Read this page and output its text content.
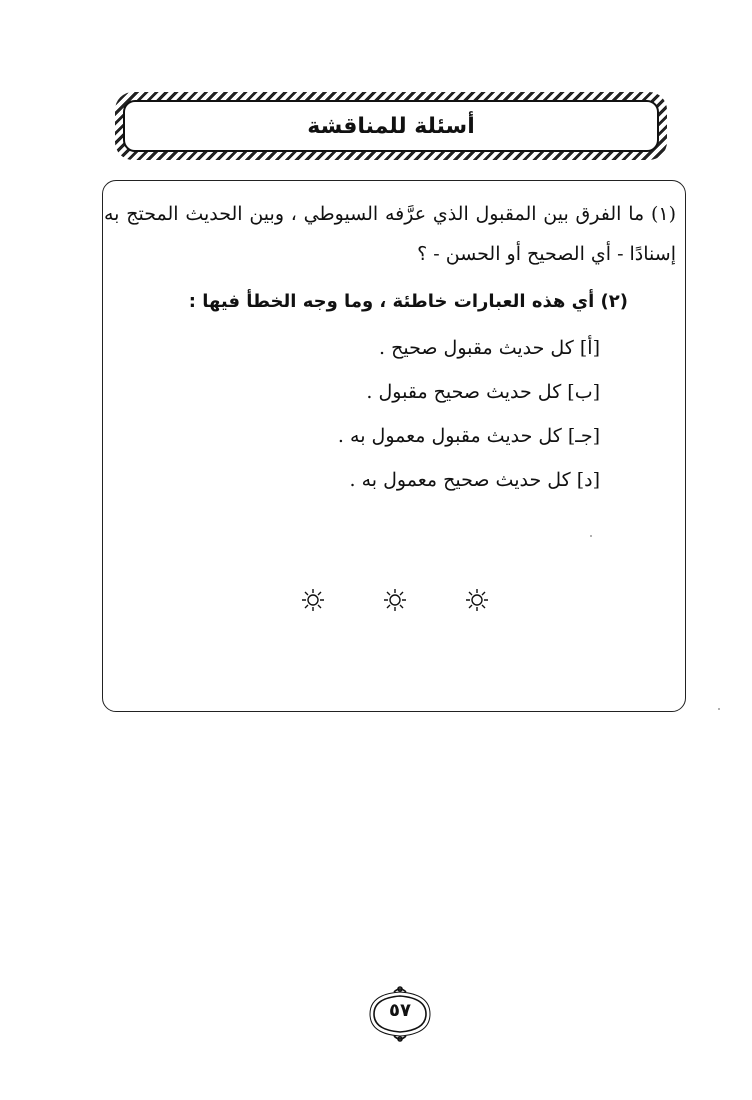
أسئلة للمناقشة

(١) ما الفرق بين المقبول الذي عرَّفه السيوطي ، وبين الحديث المحتج به إسنادًا - أي الصحيح أو الحسن - ؟

(٢) أي هذه العبارات خاطئة ، وما وجه الخطأ فيها :

[أ] كل حديث مقبول صحيح .

[ب] كل حديث صحيح مقبول .

[جـ] كل حديث مقبول معمول به .

[د] كل حديث صحيح معمول به .

٥٧
